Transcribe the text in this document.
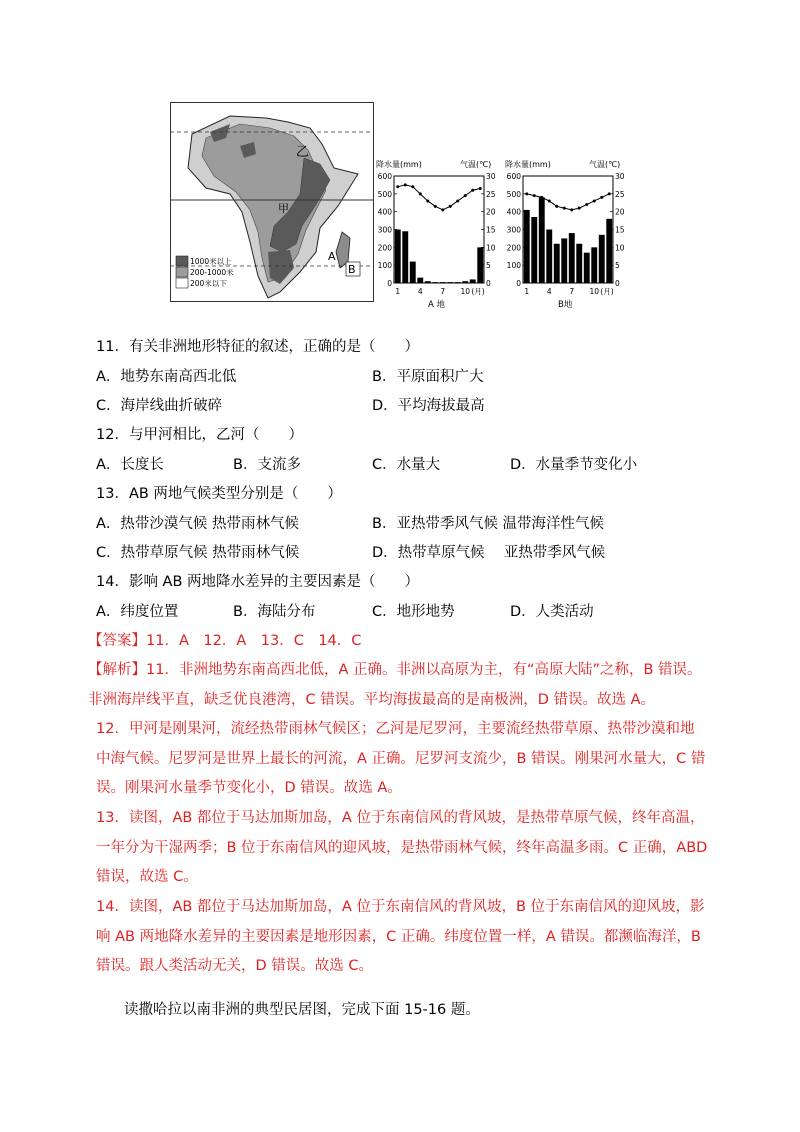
乙
甲
A
B
1000米以上
200-1000米
200米以下
降水量(mm)	气温(℃)
600
500
400
300
200
100
0
30
25
20
15
10
5
0
1 4 7 10 (月)
A 地
降水量(mm)	气温(℃)
600
500
400
300
200
100
0
30
25
20
15
10
5
0
1 4 7 10 (月)
B地
11．有关非洲地形特征的叙述，正确的是（　　）
A．地势东南高西北低	B．平原面积广大
C．海岸线曲折破碎	D．平均海拔最高
12．与甲河相比，乙河（　　）
A．长度长	B．支流多	C．水量大	D．水量季节变化小
13．AB 两地气候类型分别是（　　）
A．热带沙漠气候 热带雨林气候	B．亚热带季风气候 温带海洋性气候
C．热带草原气候 热带雨林气候	D．热带草原气候　 亚热带季风气候
14．影响 AB 两地降水差异的主要因素是（　　）
A．纬度位置	B．海陆分布	C．地形地势	D．人类活动
【答案】11．A　12．A　13．C　14．C
【解析】11．非洲地势东南高西北低，A 正确。非洲以高原为主，有“高原大陆”之称，B 错误。非洲海岸线平直，缺乏优良港湾，C 错误。平均海拔最高的是南极洲，D 错误。故选 A。
12．甲河是刚果河，流经热带雨林气候区；乙河是尼罗河，主要流经热带草原、热带沙漠和地中海气候。尼罗河是世界上最长的河流，A 正确。尼罗河支流少，B 错误。刚果河水量大，C 错误。刚果河水量季节变化小，D 错误。故选 A。
13．读图，AB 都位于马达加斯加岛，A 位于东南信风的背风坡，是热带草原气候，终年高温，一年分为干湿两季；B 位于东南信风的迎风坡，是热带雨林气候，终年高温多雨。C 正确，ABD 错误，故选 C。
14．读图，AB 都位于马达加斯加岛，A 位于东南信风的背风坡，B 位于东南信风的迎风坡，影响 AB 两地降水差异的主要因素是地形因素，C 正确。纬度位置一样，A 错误。都濒临海洋，B 错误。跟人类活动无关，D 错误。故选 C。
读撒哈拉以南非洲的典型民居图，完成下面 15-16 题。
